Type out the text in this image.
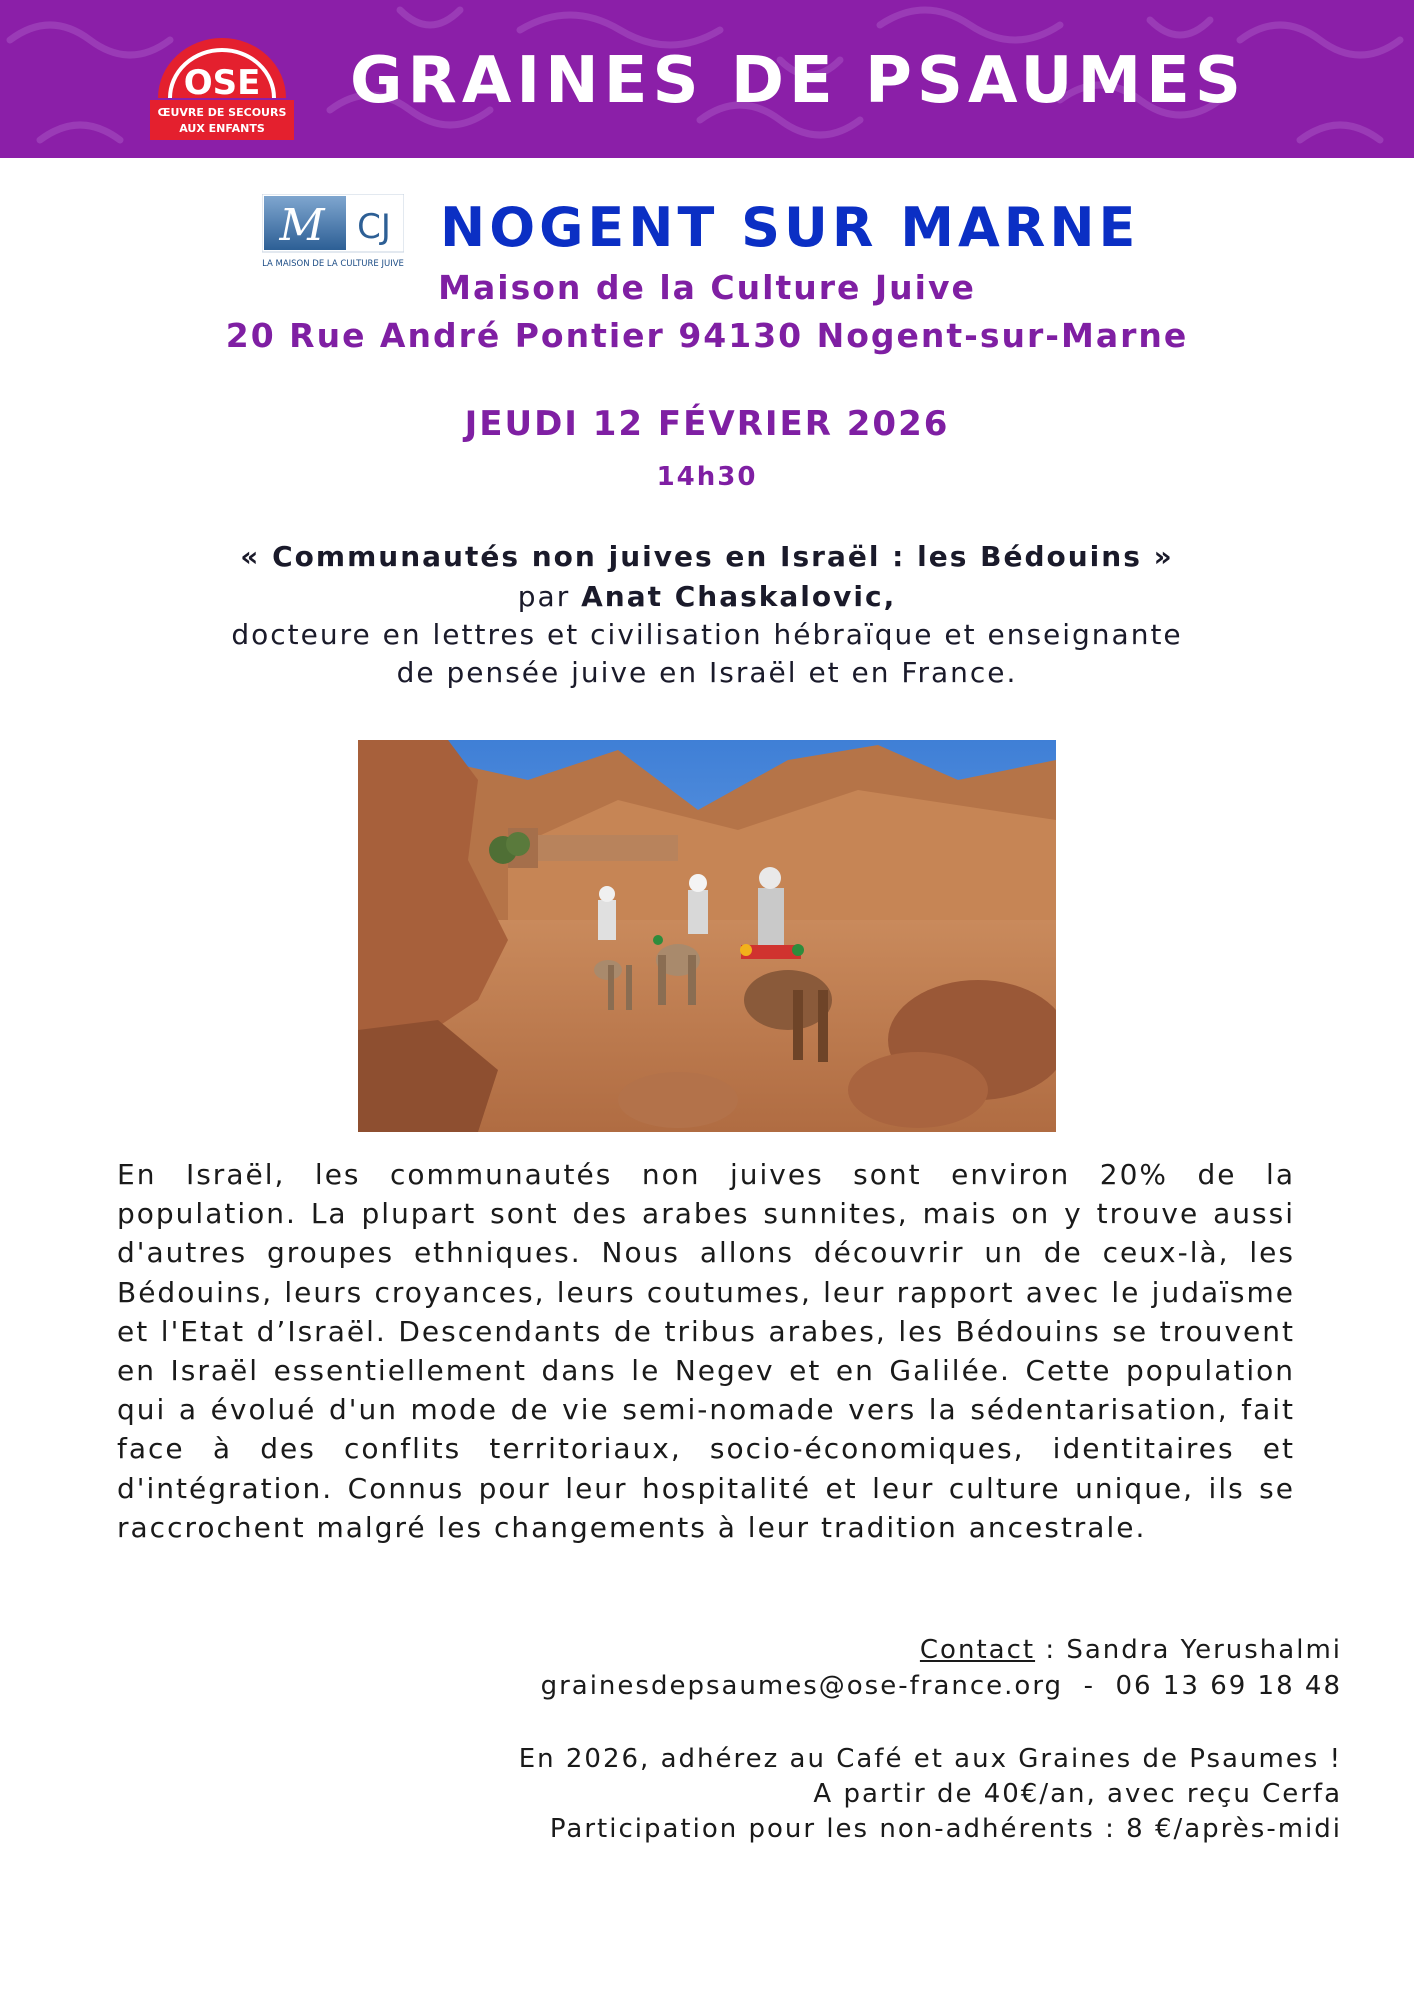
OSE
ŒUVRE DE SECOURS
AUX ENFANTS
GRAINES DE PSAUMES
M CJ
LA MAISON DE LA CULTURE JUIVE
NOGENT SUR MARNE
Maison de la Culture Juive
20 Rue André Pontier 94130 Nogent-sur-Marne
JEUDI 12 FÉVRIER 2026
14h30
« Communautés non juives en Israël : les Bédouins »
par Anat Chaskalovic,
docteure en lettres et civilisation hébraïque et enseignante
de pensée juive en Israël et en France.
En Israël, les communautés non juives sont environ 20% de la population. La plupart sont des arabes sunnites, mais on y trouve aussi d'autres groupes ethniques. Nous allons découvrir un de ceux-là, les Bédouins, leurs croyances, leurs coutumes, leur rapport avec le judaïsme et l'Etat d’Israël. Descendants de tribus arabes, les Bédouins se trouvent en Israël essentiellement dans le Negev et en Galilée. Cette population qui a évolué d'un mode de vie semi-nomade vers la sédentarisation, fait face à des conflits territoriaux, socio-économiques, identitaires et d'intégration. Connus pour leur hospitalité et leur culture unique, ils se raccrochent malgré les changements à leur tradition ancestrale.
Contact : Sandra Yerushalmi
grainesdepsaumes@ose-france.org  -  06 13 69 18 48
En 2026, adhérez au Café et aux Graines de Psaumes !
A partir de 40€/an, avec reçu Cerfa
Participation pour les non-adhérents : 8 €/après-midi
